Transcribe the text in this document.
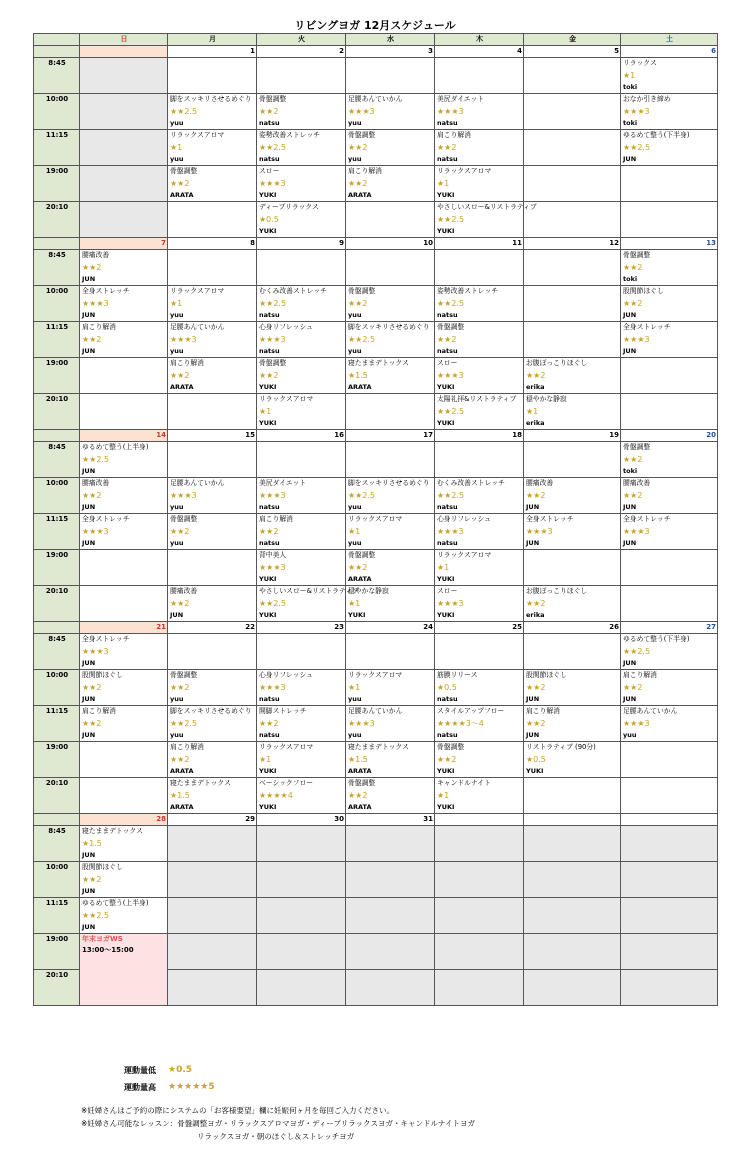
リビングヨガ 12月スケジュール
	日	月	火	水	木	金	土
		1	2	3	4	5	6
8:45							リラックス
★1
toki

10:00		脚をスッキリさせるめぐり
★★2.5
yuu	骨盤調整
★★2
natsu	足腰あんていかん
★★★3
yuu	美尻ダイエット
★★★3
natsu		おなか引き締め
★★★3
toki

11:15		リラックスアロマ
★1
yuu	姿勢改善ストレッチ
★★2.5
natsu	骨盤調整
★★2
yuu	肩こり解消
★★2
natsu		ゆるめて整う(下半身)
★★2.5
JUN

19:00		骨盤調整
★★2
ARATA	スロー
★★★3
YUKI	肩こり解消
★★2
ARATA	リラックスアロマ
★1
YUKI		

20:10			ディープリラックス
★0.5
YUKI		やさしいスロー&リストラティブ
★★2.5
YUKI		

	7	8	9	10	11	12	13
8:45	腰痛改善
★★2
JUN						骨盤調整
★★2
toki

10:00	全身ストレッチ
★★★3
JUN	リラックスアロマ
★1
yuu	むくみ改善ストレッチ
★★2.5
natsu	骨盤調整
★★2
yuu	姿勢改善ストレッチ
★★2.5
natsu		股関節ほぐし
★★2
JUN

11:15	肩こり解消
★★2
JUN	足腰あんていかん
★★★3
yuu	心身リフレッシュ
★★★3
natsu	脚をスッキリさせるめぐり
★★2.5
yuu	骨盤調整
★★2
natsu		全身ストレッチ
★★★3
JUN

19:00		肩こり解消
★★2
ARATA	骨盤調整
★★2
YUKI	寝たままデトックス
★1.5
ARATA	スロー
★★★3
YUKI	お腹ぽっこりほぐし
★★2
erika	

20:10			リラックスアロマ
★1
YUKI		太陽礼拝&リストラティブ
★★2.5
YUKI	穏やかな静寂
★1
erika	

	14	15	16	17	18	19	20
8:45	ゆるめて整う(上半身)
★★2.5
JUN						骨盤調整
★★2
toki

10:00	腰痛改善
★★2
JUN	足腰あんていかん
★★★3
yuu	美尻ダイエット
★★★3
natsu	脚をスッキリさせるめぐり
★★2.5
yuu	むくみ改善ストレッチ
★★2.5
natsu	腰痛改善
★★2
JUN	腰痛改善
★★2
JUN

11:15	全身ストレッチ
★★★3
JUN	骨盤調整
★★2
yuu	肩こり解消
★★2
natsu	リラックスアロマ
★1
yuu	心身リフレッシュ
★★★3
natsu	全身ストレッチ
★★★3
JUN	全身ストレッチ
★★★3
JUN

19:00			背中美人
★★★3
YUKI	骨盤調整
★★2
ARATA	リラックスアロマ
★1
YUKI		

20:10		腰痛改善
★★2
JUN	やさしいスロー&リストラティブ
★★2.5
YUKI	穏やかな静寂
★1
YUKI	スロー
★★★3
YUKI	お腹ぽっこりほぐし
★★2
erika	

	21	22	23	24	25	26	27
8:45	全身ストレッチ
★★★3
JUN						ゆるめて整う(下半身)
★★2.5
JUN

10:00	股関節ほぐし
★★2
JUN	骨盤調整
★★2
yuu	心身リフレッシュ
★★★3
natsu	リラックスアロマ
★1
yuu	筋膜リリース
★0.5
natsu	股関節ほぐし
★★2
JUN	肩こり解消
★★2
JUN

11:15	肩こり解消
★★2
JUN	脚をスッキリさせるめぐり
★★2.5
yuu	開脚ストレッチ
★★2
natsu	足腰あんていかん
★★★3
yuu	スタイルアップフロー
★★★★3～4
natsu	肩こり解消
★★2
JUN	足腰あんていかん
★★★3
yuu

19:00		肩こり解消
★★2
ARATA	リラックスアロマ
★1
YUKI	寝たままデトックス
★1.5
ARATA	骨盤調整
★★2
YUKI	リストラティブ (90分)
★0.5
YUKI	

20:10		寝たままデトックス
★1.5
ARATA	ベーシックフロー
★★★★4
YUKI	骨盤調整
★★2
ARATA	キャンドルナイト
★1
YUKI		

	28	29	30	31			
8:45	寝たままデトックス
★1.5
JUN						

10:00	股関節ほぐし
★★2
JUN						

11:15	ゆるめて整う(上半身)
★★2.5
JUN						

19:00	年末ヨガWS
13:00～15:00						

20:10							
運動量低	★0.5
運動量高	★★★★★5
※妊婦さんはご予約の際にシステムの「お客様要望」欄に妊娠何ヶ月を毎回ご入力ください。
※妊婦さん可能なレッスン：骨盤調整ヨガ・リラックスアロマヨガ・ディープリラックスヨガ・キャンドルナイトヨガ
リラックスヨガ・朝のほぐし＆ストレッチヨガ
